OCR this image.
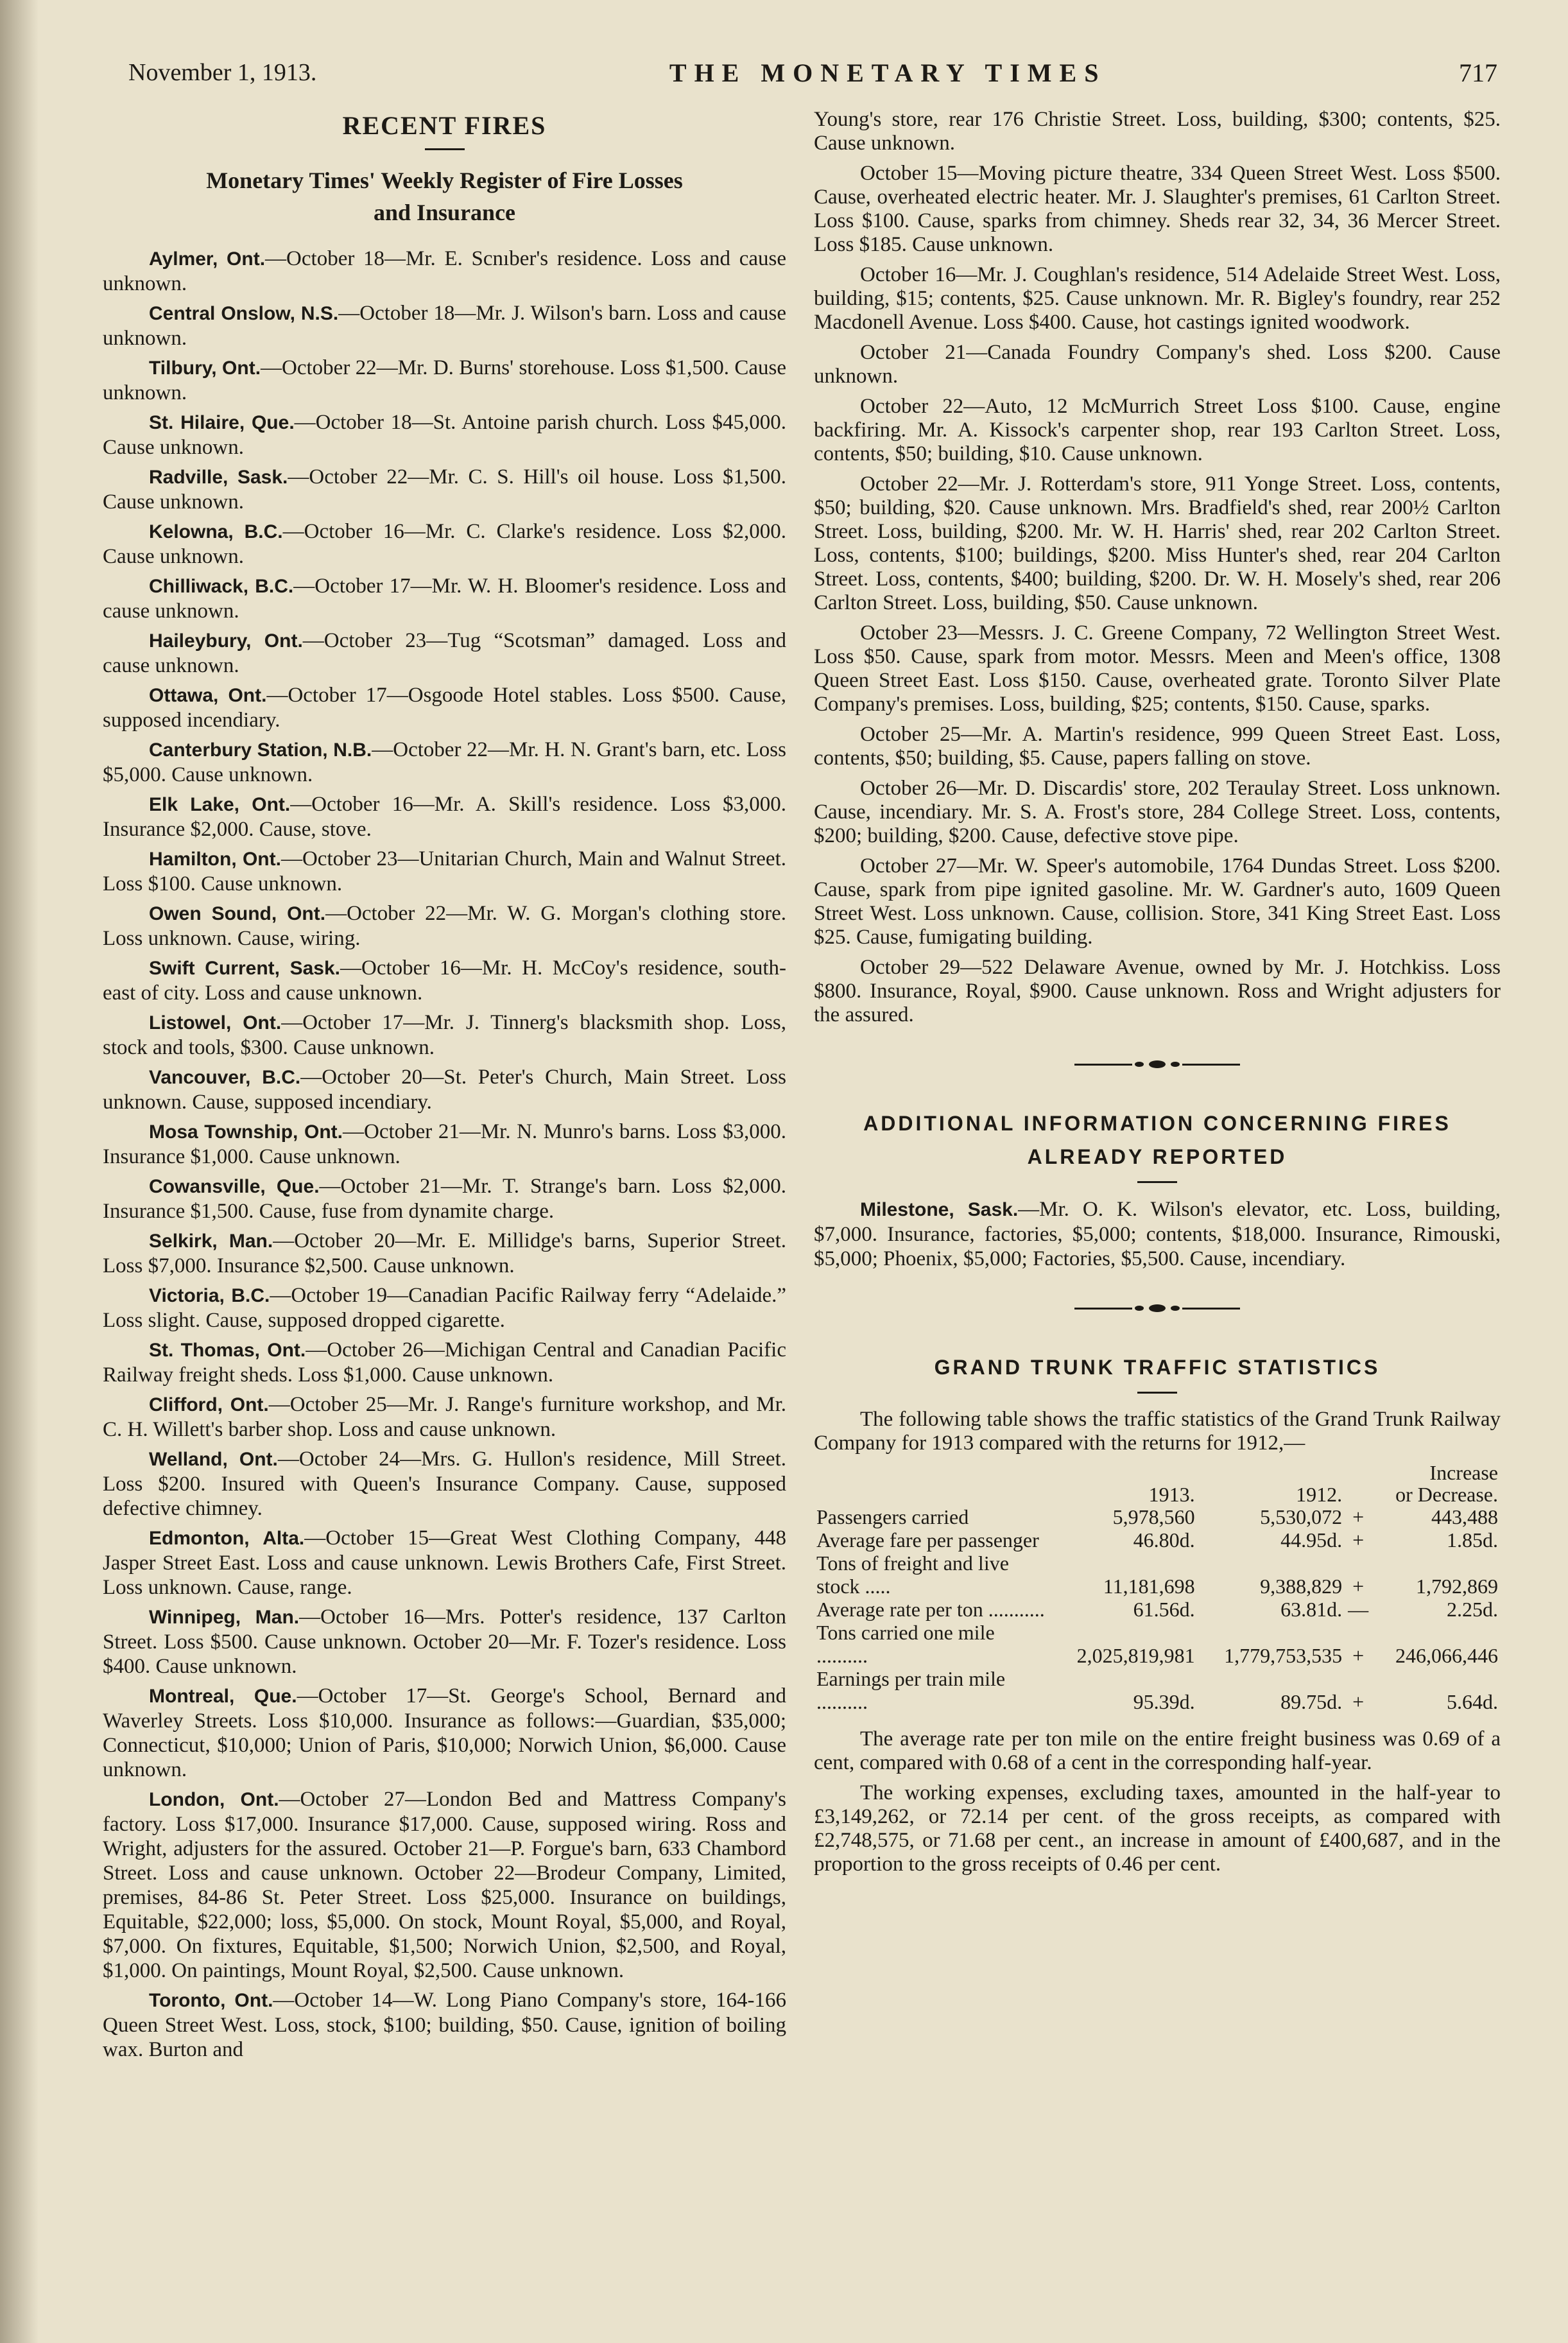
November 1, 1913.	THE MONETARY TIMES	717
RECENT FIRES
Monetary Times' Weekly Register of Fire Losses
and Insurance
Aylmer, Ont.—October 18—Mr. E. Scnıber's residence. Loss and cause unknown.
Central Onslow, N.S.—October 18—Mr. J. Wilson's barn. Loss and cause unknown.
Tilbury, Ont.—October 22—Mr. D. Burns' storehouse. Loss $1,500. Cause unknown.
St. Hilaire, Que.—October 18—St. Antoine parish church. Loss $45,000. Cause unknown.
Radville, Sask.—October 22—Mr. C. S. Hill's oil house. Loss $1,500. Cause unknown.
Kelowna, B.C.—October 16—Mr. C. Clarke's residence. Loss $2,000. Cause unknown.
Chilliwack, B.C.—October 17—Mr. W. H. Bloomer's residence. Loss and cause unknown.
Haileybury, Ont.—October 23—Tug “Scotsman” damaged. Loss and cause unknown.
Ottawa, Ont.—October 17—Osgoode Hotel stables. Loss $500. Cause, supposed incendiary.
Canterbury Station, N.B.—October 22—Mr. H. N. Grant's barn, etc. Loss $5,000. Cause unknown.
Elk Lake, Ont.—October 16—Mr. A. Skill's residence. Loss $3,000. Insurance $2,000. Cause, stove.
Hamilton, Ont.—October 23—Unitarian Church, Main and Walnut Street. Loss $100. Cause unknown.
Owen Sound, Ont.—October 22—Mr. W. G. Morgan's clothing store. Loss unknown. Cause, wiring.
Swift Current, Sask.—October 16—Mr. H. McCoy's residence, south-east of city. Loss and cause unknown.
Listowel, Ont.—October 17—Mr. J. Tinnerg's blacksmith shop. Loss, stock and tools, $300. Cause unknown.
Vancouver, B.C.—October 20—St. Peter's Church, Main Street. Loss unknown. Cause, supposed incendiary.
Mosa Township, Ont.—October 21—Mr. N. Munro's barns. Loss $3,000. Insurance $1,000. Cause unknown.
Cowansville, Que.—October 21—Mr. T. Strange's barn. Loss $2,000. Insurance $1,500. Cause, fuse from dynamite charge.
Selkirk, Man.—October 20—Mr. E. Millidge's barns, Superior Street. Loss $7,000. Insurance $2,500. Cause unknown.
Victoria, B.C.—October 19—Canadian Pacific Railway ferry “Adelaide.” Loss slight. Cause, supposed dropped cigarette.
St. Thomas, Ont.—October 26—Michigan Central and Canadian Pacific Railway freight sheds. Loss $1,000. Cause unknown.
Clifford, Ont.—October 25—Mr. J. Range's furniture workshop, and Mr. C. H. Willett's barber shop. Loss and cause unknown.
Welland, Ont.—October 24—Mrs. G. Hullon's residence, Mill Street. Loss $200. Insured with Queen's Insurance Company. Cause, supposed defective chimney.
Edmonton, Alta.—October 15—Great West Clothing Company, 448 Jasper Street East. Loss and cause unknown. Lewis Brothers Cafe, First Street. Loss unknown. Cause, range.
Winnipeg, Man.—October 16—Mrs. Potter's residence, 137 Carlton Street. Loss $500. Cause unknown. October 20—Mr. F. Tozer's residence. Loss $400. Cause unknown.
Montreal, Que.—October 17—St. George's School, Bernard and Waverley Streets. Loss $10,000. Insurance as follows:—Guardian, $35,000; Connecticut, $10,000; Union of Paris, $10,000; Norwich Union, $6,000. Cause unknown.
London, Ont.—October 27—London Bed and Mattress Company's factory. Loss $17,000. Insurance $17,000. Cause, supposed wiring. Ross and Wright, adjusters for the assured. October 21—P. Forgue's barn, 633 Chambord Street. Loss and cause unknown. October 22—Brodeur Company, Limited, premises, 84-86 St. Peter Street. Loss $25,000. Insurance on buildings, Equitable, $22,000; loss, $5,000. On stock, Mount Royal, $5,000, and Royal, $7,000. On fixtures, Equitable, $1,500; Norwich Union, $2,500, and Royal, $1,000. On paintings, Mount Royal, $2,500. Cause unknown.
Toronto, Ont.—October 14—W. Long Piano Company's store, 164-166 Queen Street West. Loss, stock, $100; building, $50. Cause, ignition of boiling wax. Burton and
Young's store, rear 176 Christie Street. Loss, building, $300; contents, $25. Cause unknown.
October 15—Moving picture theatre, 334 Queen Street West. Loss $500. Cause, overheated electric heater. Mr. J. Slaughter's premises, 61 Carlton Street. Loss $100. Cause, sparks from chimney. Sheds rear 32, 34, 36 Mercer Street. Loss $185. Cause unknown.
October 16—Mr. J. Coughlan's residence, 514 Adelaide Street West. Loss, building, $15; contents, $25. Cause unknown. Mr. R. Bigley's foundry, rear 252 Macdonell Avenue. Loss $400. Cause, hot castings ignited woodwork.
October 21—Canada Foundry Company's shed. Loss $200. Cause unknown.
October 22—Auto, 12 McMurrich Street Loss $100. Cause, engine backfiring. Mr. A. Kissock's carpenter shop, rear 193 Carlton Street. Loss, contents, $50; building, $10. Cause unknown.
October 22—Mr. J. Rotterdam's store, 911 Yonge Street. Loss, contents, $50; building, $20. Cause unknown. Mrs. Bradfield's shed, rear 200½ Carlton Street. Loss, building, $200. Mr. W. H. Harris' shed, rear 202 Carlton Street. Loss, contents, $100; buildings, $200. Miss Hunter's shed, rear 204 Carlton Street. Loss, contents, $400; building, $200. Dr. W. H. Mosely's shed, rear 206 Carlton Street. Loss, building, $50. Cause unknown.
October 23—Messrs. J. C. Greene Company, 72 Wellington Street West. Loss $50. Cause, spark from motor. Messrs. Meen and Meen's office, 1308 Queen Street East. Loss $150. Cause, overheated grate. Toronto Silver Plate Company's premises. Loss, building, $25; contents, $150. Cause, sparks.
October 25—Mr. A. Martin's residence, 999 Queen Street East. Loss, contents, $50; building, $5. Cause, papers falling on stove.
October 26—Mr. D. Discardis' store, 202 Teraulay Street. Loss unknown. Cause, incendiary. Mr. S. A. Frost's store, 284 College Street. Loss, contents, $200; building, $200. Cause, defective stove pipe.
October 27—Mr. W. Speer's automobile, 1764 Dundas Street. Loss $200. Cause, spark from pipe ignited gasoline. Mr. W. Gardner's auto, 1609 Queen Street West. Loss unknown. Cause, collision. Store, 341 King Street East. Loss $25. Cause, fumigating building.
October 29—522 Delaware Avenue, owned by Mr. J. Hotchkiss. Loss $800. Insurance, Royal, $900. Cause unknown. Ross and Wright adjusters for the assured.
ADDITIONAL INFORMATION CONCERNING FIRES
ALREADY REPORTED
Milestone, Sask.—Mr. O. K. Wilson's elevator, etc. Loss, building, $7,000. Insurance, factories, $5,000; contents, $18,000. Insurance, Rimouski, $5,000; Phoenix, $5,000; Factories, $5,500. Cause, incendiary.
GRAND TRUNK TRAFFIC STATISTICS
The following table shows the traffic statistics of the Grand Trunk Railway Company for 1913 compared with the returns for 1912,—
				Increase
	1913.	1912.		or Decrease.
Passengers carried	5,978,560	5,530,072	+	443,488
Average fare per passenger	46.80d.	44.95d.	+	1.85d.
Tons of freight and live stock .....	11,181,698	9,388,829	+	1,792,869
Average rate per ton ...........	61.56d.	63.81d.	—	2.25d.
Tons carried one mile ..........	2,025,819,981	1,779,753,535	+	246,066,446
Earnings per train mile ..........	95.39d.	89.75d.	+	5.64d.
The average rate per ton mile on the entire freight business was 0.69 of a cent, compared with 0.68 of a cent in the corresponding half-year.
The working expenses, excluding taxes, amounted in the half-year to £3,149,262, or 72.14 per cent. of the gross receipts, as compared with £2,748,575, or 71.68 per cent., an increase in amount of £400,687, and in the proportion to the gross receipts of 0.46 per cent.
